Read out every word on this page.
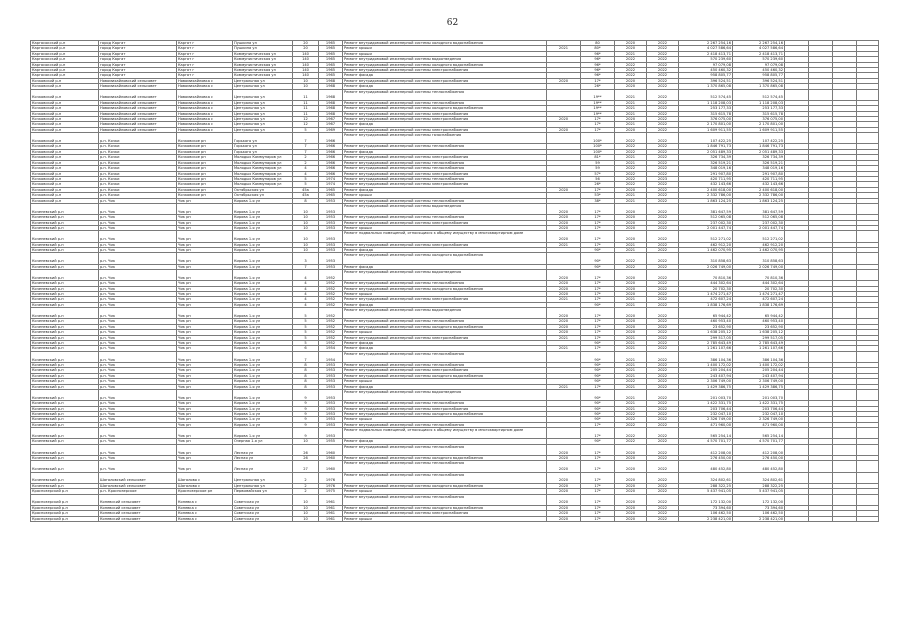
62
Каргасокский р-н	город Каргат	Каргат г	Пушкина ул	20	1965	Ремонт внутридомовой инженерной системы холодного водоснабжения		80	2020	2022	2 267 254,16	2 267 254,16				
Каргасокский р-н	город Каргат	Каргат г	Пушкина ул	20	1965	Ремонт крыши	2021	80*	2020	2022	4 027 586,64	4 027 586,64				
Каргасокский р-н	город Каргат	Каргат г	Коммунистическая ул	140	1965	Ремонт крыши		96*	2021	2022	2 418 413,71	2 418 413,71				
Каргасокский р-н	город Каргат	Каргат г	Коммунистическая ул	140	1965	Ремонт внутридомовой инженерной системы водоотведения		96*	2022	2022	570 239,60	570 239,60				
Каргасокский р-н	город Каргат	Каргат г	Коммунистическая ул	140	1965	Ремонт внутридомовой инженерной системы холодного водоснабжения		96*	2022	2022	97 079,08	97 079,08				
Каргасокский р-н	город Каргат	Каргат г	Коммунистическая ул	140	1965	Ремонт внутридомовой инженерной системы электроснабжения		96*	2022	2022	450 460,32	450 460,32				
Каргасокский р-н	город Каргат	Каргат г	Коммунистическая ул	140	1965	Ремонт фасада		96*	2022	2022	958 805,77	958 805,77				
Кочковский р-н	Новомихайловский сельсовет	Новомихайловка с	Центральная ул	10	1968	Ремонт внутридомовой инженерной системы электроснабжения	2020	17*	2020	2022	396 524,51	396 524,51				
Кочковский р-н	Новомихайловский сельсовет	Новомихайловка с	Центральная ул	10	1968	Ремонт фасада		26*	2020	2022	1 370 865,08	1 370 865,08				
Кочковский р-н	Новомихайловский сельсовет	Новомихайловка с	Центральная ул	11	1968	Ремонт внутридомовой инженерной системы теплоснабжения		19**	2021	2022	512 574,45	512 574,45				
Кочковский р-н	Новомихайловский сельсовет	Новомихайловка с	Центральная ул	11	1968	Ремонт внутридомовой инженерной системы теплоснабжения		19**	2021	2022	1 118 208,03	1 118 208,03				
Кочковский р-н	Новомихайловский сельсовет	Новомихайловка с	Центральная ул	11	1968	Ремонт внутридомовой инженерной системы холодного водоснабжения		19**	2021	2022	253 177,33	253 177,33				
Кочковский р-н	Новомихайловский сельсовет	Новомихайловка с	Центральная ул	11	1968	Ремонт внутридомовой инженерной системы электроснабжения		19**	2021	2022	315 615,78	315 615,78				
Кочковский р-н	Новомихайловский сельсовет	Новомихайловка с	Центральная ул	12	1967	Ремонт внутридомовой инженерной системы электроснабжения	2020	17*	2020	2022	376 075,00	376 075,00				
Кочковский р-н	Новомихайловский сельсовет	Новомихайловка с	Центральная ул	12	1967	Ремонт фасада		17*	2021	2022	2 170 801,00	2 170 801,00				
Кочковский р-н	Новомихайловский сельсовет	Новомихайловка с	Центральная ул	5	1969	Ремонт внутридомовой инженерной системы электроснабжения	2020	17*	2020	2022	1 609 911,55	1 609 911,55				
Кочковский р-н	р.п. Кочки	Кочковское рп	Горького ул	7	1966	Ремонт внутридомовой инженерной системы газоснабжения		100*	2022	2022	107 422,25	107 422,25				
Кочковский р-н	р.п. Кочки	Кочковское рп	Горького ул	7	1966	Ремонт внутридомовой инженерной системы теплоснабжения		100*	2022	2022	1 846 791,73	1 846 791,73				
Кочковский р-н	р.п. Кочки	Кочковское рп	Горького ул	7	1966	Ремонт фасада		100*	2022	2022	2 051 489,33	2 051 489,33				
Кочковский р-н	р.п. Кочки	Кочковское рп	Молодых Коммунаров ул	2	1966	Ремонт внутридомовой инженерной системы электроснабжения		81*	2021	2022	326 734,39	326 734,39				
Кочковский р-н	р.п. Кочки	Кочковское рп	Молодых Коммунаров ул	2	1966	Ремонт внутридомовой инженерной системы теплоснабжения		59	2021	2022	326 519,21	326 519,21				
Кочковский р-н	р.п. Кочки	Кочковское рп	Молодых Коммунаров ул	4	1966	Ремонт внутридомовой инженерной системы теплоснабжения		59	2022	2022	348 019,16	348 019,16				
Кочковский р-н	р.п. Кочки	Кочковское рп	Молодых Коммунаров ул	4	1966	Ремонт внутридомовой инженерной системы электроснабжения		57*	2022	2022	291 907,80	291 907,80				
Кочковский р-н	р.п. Кочки	Кочковское рп	Молодых Коммунаров ул	5	1974	Ремонт внутридомовой инженерной системы теплоснабжения		56	2022	2023	420 711,95	420 711,95				
Кочковский р-н	р.п. Кочки	Кочковское рп	Молодых Коммунаров ул	5	1974	Ремонт внутридомовой инженерной системы электроснабжения		26*	2022	2022	432 143,66	432 143,66				
Кочковский р-н	р.п. Кочки	Кочковское рп	Октябрьская ул	45а	1965	Ремонт фасада	2020	17*	2020	2022	2 400 618,00	2 400 618,00				
Кочковский р-н	р.п. Кочки	Кочковское рп	Октябрьская ул	45а	1965	Ремонт крыши		53*	2021	2022	2 332 786,00	2 332 786,00				
Кочковский р-н	р.п. Чик	Чик рп	Кирова 1-я ул	8	1953	Ремонт внутридомовой инженерной системы теплоснабжения		38*	2021	2022	1 863 124,25	1 863 124,25				
Коченевский р-н	р.п. Чик	Чик рп	Кирова 1-я ул	10	1953	Ремонт внутридомовой инженерной системы водоотведения	2020	17*	2020	2022	381 647,59	381 647,59				
Коченевский р-н	р.п. Чик	Чик рп	Кирова 1-я ул	10	1953	Ремонт внутридомовой инженерной системы теплоснабжения	2020	17*	2020	2022	512 065,08	512 065,08				
Коченевский р-н	р.п. Чик	Чик рп	Кирова 1-я ул	10	1953	Ремонт внутридомовой инженерной системы электроснабжения	2020	17*	2020	2022	237 002,30	237 002,30				
Коченевский р-н	р.п. Чик	Чик рп	Кирова 1-я ул	10	1953	Ремонт крыши	2020	17*	2020	2022	2 001 447,74	2 001 447,74				
Коченевский р-н	р.п. Чик	Чик рп	Кирова 1-я ул	10	1953	Ремонт подвальных помещений, относящихся к общему имуществу в многоквартирном доме	2020	17*	2020	2022	512 271,02	512 271,02				
Коченевский р-н	р.п. Чик	Чик рп	Кирова 1-я ул	10	1953	Ремонт внутридомовой инженерной системы электроснабжения	2021	17*	2021	2022	462 912,20	462 912,20				
Коченевский р-н	р.п. Чик	Чик рп	Кирова 1-я ул	10	1953	Ремонт фасада		90*	2021	2022	1 462 070,95	1 462 070,95				
Коченевский р-н	р.п. Чик	Чик рп	Кирова 1-я ул	3	1953	Ремонт внутридомовой инженерной системы холодного водоснабжения		90*	2022	2022	310 858,63	310 858,63				
Коченевский р-н	р.п. Чик	Чик рп	Кирова 1-я ул	7	1953	Ремонт фасада		90*	2022	2022	2 026 749,00	2 026 749,00				
Коченевский р-н	р.п. Чик	Чик рп	Кирова 1-я ул	4	1952	Ремонт внутридомовой инженерной системы водоотведения	2020	17*	2020	2022	70 810,36	70 810,36				
Коченевский р-н	р.п. Чик	Чик рп	Кирова 1-я ул	4	1952	Ремонт внутридомовой инженерной системы теплоснабжения	2020	17*	2020	2022	444 302,64	444 302,64				
Коченевский р-н	р.п. Чик	Чик рп	Кирова 1-я ул	4	1952	Ремонт внутридомовой инженерной системы холодного водоснабжения	2020	17*	2020	2022	20 702,30	20 702,30				
Коченевский р-н	р.п. Чик	Чик рп	Кирова 1-я ул	4	1952	Ремонт крыши	2020	17*	2020	2022	1 474 271,47	1 474 271,47				
Коченевский р-н	р.п. Чик	Чик рп	Кирова 1-я ул	4	1952	Ремонт внутридомовой инженерной системы электроснабжения	2021	17*	2021	2022	472 607,24	472 607,24				
Коченевский р-н	р.п. Чик	Чик рп	Кирова 1-я ул	4	1952	Ремонт фасада		90*	2021	2022	1 838 176,69	1 838 176,69				
Коченевский р-н	р.п. Чик	Чик рп	Кирова 1-я ул	5	1952	Ремонт внутридомовой инженерной системы водоотведения	2020	17*	2020	2022	65 944,42	65 944,42				
Коченевский р-н	р.п. Чик	Чик рп	Кирова 1-я ул	5	1952	Ремонт внутридомовой инженерной системы теплоснабжения	2020	17*	2020	2022	460 953,40	460 953,40				
Коченевский р-н	р.п. Чик	Чик рп	Кирова 1-я ул	5	1952	Ремонт внутридомовой инженерной системы холодного водоснабжения	2020	17*	2020	2022	23 652,90	23 652,90				
Коченевский р-н	р.п. Чик	Чик рп	Кирова 1-я ул	5	1952	Ремонт крыши	2020	17*	2020	2022	1 638 205,12	1 638 205,12				
Коченевский р-н	р.п. Чик	Чик рп	Кирова 1-я ул	5	1952	Ремонт внутридомовой инженерной системы электроснабжения	2021	17*	2021	2022	299 517,05	299 517,05				
Коченевский р-н	р.п. Чик	Чик рп	Кирова 1-я ул	5	1952	Ремонт фасада		90*	2021	2022	2 785 643,49	2 785 643,49				
Коченевский р-н	р.п. Чик	Чик рп	Кирова 1-я ул	6	1954	Ремонт фасада	2021	17*	2021	2022	1 261 107,66	1 261 107,66				
Коченевский р-н	р.п. Чик	Чик рп	Кирова 1-я ул	7	1954	Ремонт внутридомовой инженерной системы теплоснабжения		90*	2021	2022	386 104,36	386 104,36				
Коченевский р-н	р.п. Чик	Чик рп	Кирова 1-я ул	8	1953	Ремонт внутридомовой инженерной системы теплоснабжения		90*	2021	2022	1 400 172,02	1 400 172,02				
Коченевский р-н	р.п. Чик	Чик рп	Кирова 1-я ул	8	1953	Ремонт внутридомовой инженерной системы электроснабжения		90*	2021	2022	205 204,44	205 204,44				
Коченевский р-н	р.п. Чик	Чик рп	Кирова 1-я ул	8	1953	Ремонт внутридомовой инженерной системы холодного водоснабжения		90*	2021	2022	243 407,94	243 407,94				
Коченевский р-н	р.п. Чик	Чик рп	Кирова 1-я ул	8	1953	Ремонт крыши		90*	2022	2022	2 306 749,00	2 306 749,00				
Коченевский р-н	р.п. Чик	Чик рп	Кирова 1-я ул	8	1953	Ремонт фасада	2021	17*	2021	2022	1 429 386,75	1 429 386,75				
Коченевский р-н	р.п. Чик	Чик рп	Кирова 1-я ул	9	1953	Ремонт внутридомовой инженерной системы водоотведения		90*	2021	2022	201 003,70	201 003,70				
Коченевский р-н	р.п. Чик	Чик рп	Кирова 1-я ул	9	1953	Ремонт внутридомовой инженерной системы теплоснабжения		90*	2021	2022	1 422 331,75	1 422 331,75				
Коченевский р-н	р.п. Чик	Чик рп	Кирова 1-я ул	9	1953	Ремонт внутридомовой инженерной системы электроснабжения		90*	2021	2022	203 706,44	203 706,44				
Коченевский р-н	р.п. Чик	Чик рп	Кирова 1-я ул	9	1953	Ремонт внутридомовой инженерной системы холодного водоснабжения		90*	2022	2022	232 047,10	232 047,10				
Коченевский р-н	р.п. Чик	Чик рп	Кирова 1-я ул	9	1953	Ремонт крыши		90*	2022	2022	2 326 749,00	2 326 749,00				
Коченевский р-н	р.п. Чик	Чик рп	Кирова 1-я ул	9	1953	Ремонт внутридомовой инженерной системы теплоснабжения		17*	2022	2022	471 960,00	471 960,00				
Коченевский р-н	р.п. Чик	Чик рп	Кирова 1-я ул	9	1953	Ремонт подвальных помещений, относящихся к общему имуществу в многоквартирном доме		17*	2022	2022	565 254,14	565 254,14				
Коченевский р-н	р.п. Чик	Чик рп	Озерная 1-я ул	10	1955	Ремонт фасада		90*	2022	2022	4 570 701,77	4 570 701,77				
Коченевский р-н	р.п. Чик	Чик рп	Лесная ул	26	1960	Ремонт внутридомовой инженерной системы теплоснабжения	2020	17*	2020	2022	412 208,00	412 208,00				
Коченевский р-н	р.п. Чик	Чик рп	Лесная ул	26	1960	Ремонт внутридомовой инженерной системы холодного водоснабжения	2020	17*	2020	2022	276 450,00	276 450,00				
Коченевский р-н	р.п. Чик	Чик рп	Лесная ул	27	1960	Ремонт внутридомовой инженерной системы теплоснабжения	2020	17*	2020	2022	480 452,80	480 452,80				
Коченевский р-н	Шагаловский сельсовет	Шагалово с	Центральная ул	2	1976	Ремонт внутридомовой инженерной системы теплоснабжения	2020	17*	2020	2022	324 802,61	324 802,61				
Коченевский р-н	Шагаловский сельсовет	Шагалово с	Центральная ул	2	1976	Ремонт внутридомовой инженерной системы холодного водоснабжения	2020	17*	2020	2022	288 322,25	288 322,25				
Краснозерский р-н	р.п. Краснозерское	Краснозерское рп	Первомайская ул	2	1975	Ремонт крыши	2020	17*	2020	2022	5 437 941,05	5 437 941,05				
Краснозерский р-н	Коневский сельсовет	Коневка с	Советская ул	10	1961	Ремонт внутридомовой инженерной системы теплоснабжения	2020	17*	2020	2022	172 132,00	172 132,00				
Краснозерский р-н	Коневский сельсовет	Коневка с	Советская ул	10	1961	Ремонт внутридомовой инженерной системы холодного водоснабжения	2020	17*	2020	2022	73 394,60	73 394,60				
Краснозерский р-н	Коневский сельсовет	Коневка с	Советская ул	10	1961	Ремонт внутридомовой инженерной системы электроснабжения	2020	17*	2020	2022	106 462,50	106 462,50				
Краснозерский р-н	Коневский сельсовет	Коневка с	Советская ул	10	1961	Ремонт крыши	2020	17*	2020	2022	2 238 421,00	2 238 421,00				
